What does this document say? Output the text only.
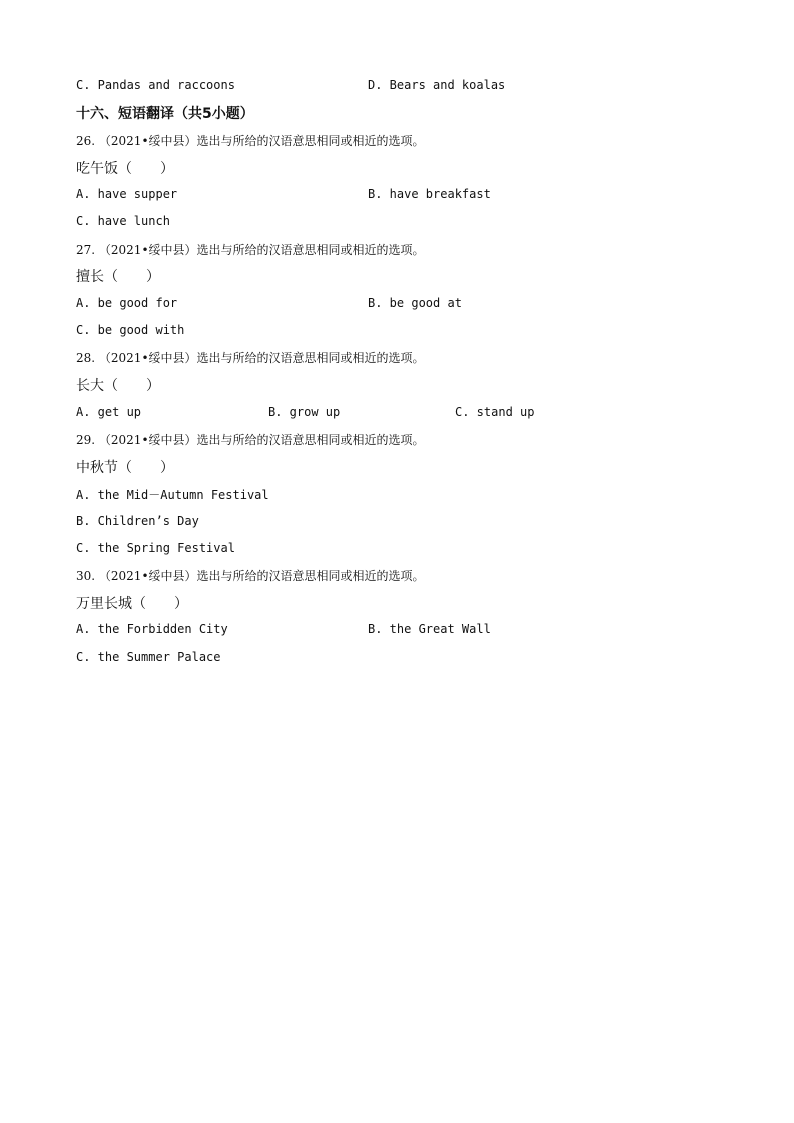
C. Pandas and raccoons	D. Bears and koalas
十六、短语翻译（共5小题）
26. （2021•绥中县）选出与所给的汉语意思相同或相近的选项。
吃午饭（　　）
A. have supper	B. have breakfast
C. have lunch
27. （2021•绥中县）选出与所给的汉语意思相同或相近的选项。
擅长（　　）
A. be good for	B. be good at
C. be good with
28. （2021•绥中县）选出与所给的汉语意思相同或相近的选项。
长大（　　）
A. get up	B. grow up	C. stand up
29. （2021•绥中县）选出与所给的汉语意思相同或相近的选项。
中秋节（　　）
A. the Mid－Autumn Festival
B. Children’s Day
C. the Spring Festival
30. （2021•绥中县）选出与所给的汉语意思相同或相近的选项。
万里长城（　　）
A. the Forbidden City	B. the Great Wall
C. the Summer Palace
